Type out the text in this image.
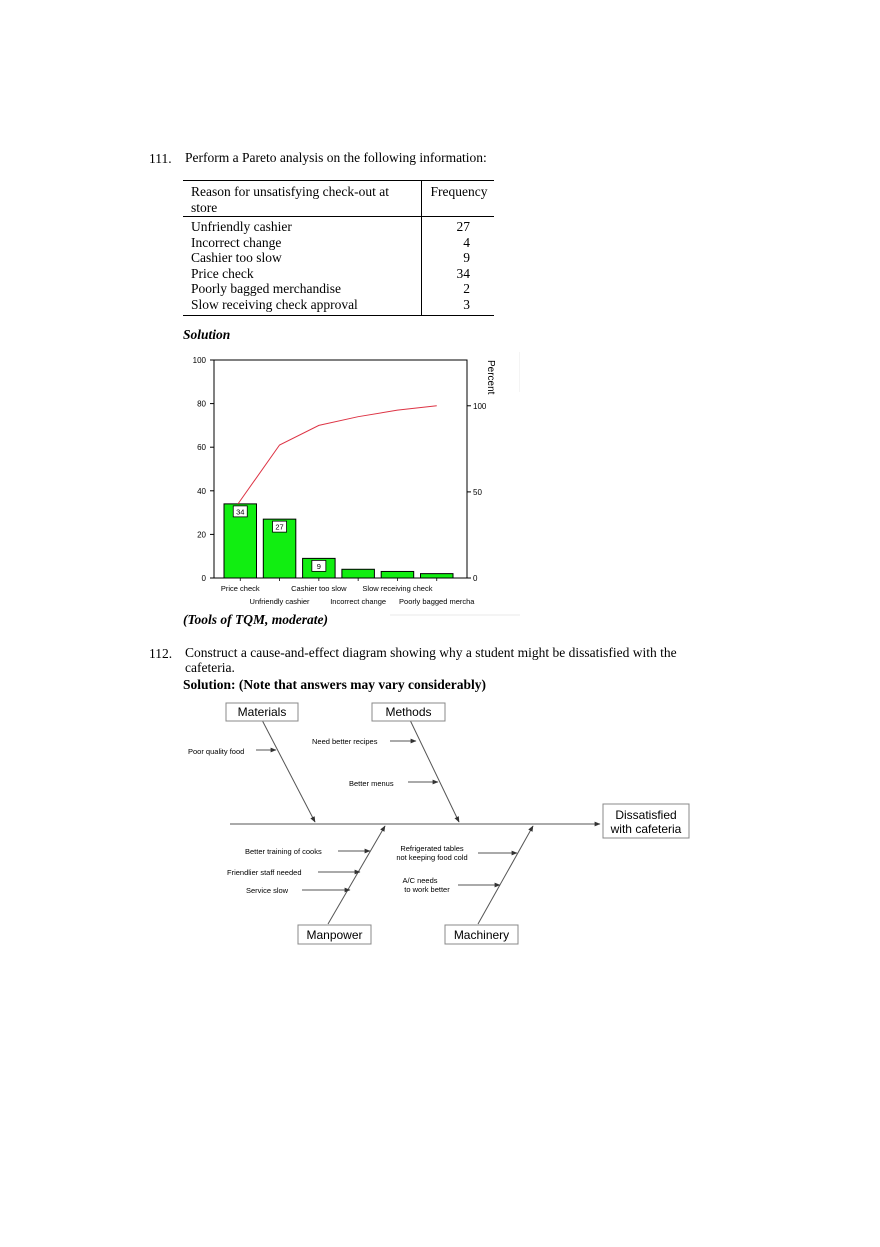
111. Perform a Pareto analysis on the following information:
Reason for unsatisfying check-out at store	Frequency
Unfriendly cashier	27
Incorrect change	4
Cashier too slow	9
Price check	34
Poorly bagged merchandise	2
Slow receiving check approval	3
Solution
0
20
40
60
80
100
0
50
100
34
27
9
Price check
Unfriendly cashier
Cashier too slow
Incorrect change
Slow receiving check
Poorly bagged mercha
Percent
(Tools of TQM, moderate)
112. Construct a cause-and-effect diagram showing why a student might be dissatisfied with the
cafeteria.
Solution: (Note that answers may vary considerably)
Materials	Methods
Manpower	Machinery
Dissatisfied
with cafeteria
Poor quality food
Need better recipes
Better menus
Better training of cooks
Friendlier staff needed
Service slow
Refrigerated tables
not keeping food cold
A/C needs
to work better
